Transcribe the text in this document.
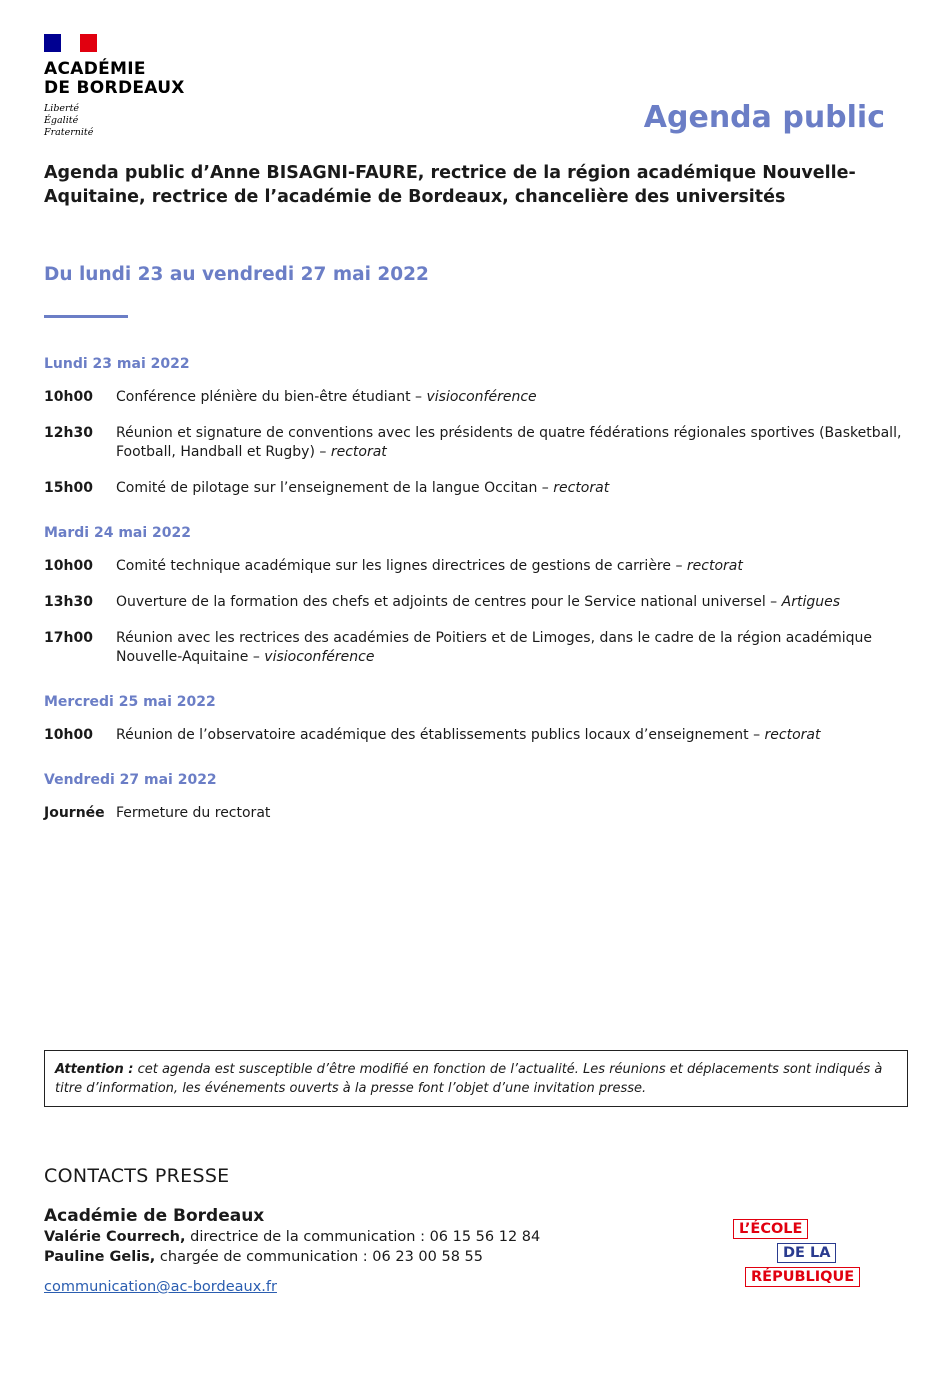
ACADÉMIE
DE BORDEAUX
Liberté
Égalité
Fraternité	Agenda public
Agenda public d’Anne BISAGNI-FAURE, rectrice de la région académique Nouvelle-Aquitaine, rectrice de l’académie de Bordeaux, chancelière des universités
Du lundi 23 au vendredi 27 mai 2022
Lundi 23 mai 2022
10h00	Conférence plénière du bien-être étudiant – visioconférence
12h30	Réunion et signature de conventions avec les présidents de quatre fédérations régionales sportives (Basketball, Football, Handball et Rugby) – rectorat
15h00	Comité de pilotage sur l’enseignement de la langue Occitan – rectorat
Mardi 24 mai 2022
10h00	Comité technique académique sur les lignes directrices de gestions de carrière – rectorat
13h30	Ouverture de la formation des chefs et adjoints de centres pour le Service national universel – Artigues
17h00	Réunion avec les rectrices des académies de Poitiers et de Limoges, dans le cadre de la région académique Nouvelle-Aquitaine – visioconférence
Mercredi 25 mai 2022
10h00	Réunion de l’observatoire académique des établissements publics locaux d’enseignement – rectorat
Vendredi 27 mai 2022
Journée Fermeture du rectorat
Attention : cet agenda est susceptible d’être modifié en fonction de l’actualité. Les réunions et déplacements sont indiqués à titre d’information, les événements ouverts à la presse font l’objet d’une invitation presse.
CONTACTS PRESSE
Académie de Bordeaux
Valérie Courrech, directrice de la communication : 06 15 56 12 84
Pauline Gelis, chargée de communication : 06 23 00 58 55
communication@ac-bordeaux.fr
L’ÉCOLE
DE LA
RÉPUBLIQUE
